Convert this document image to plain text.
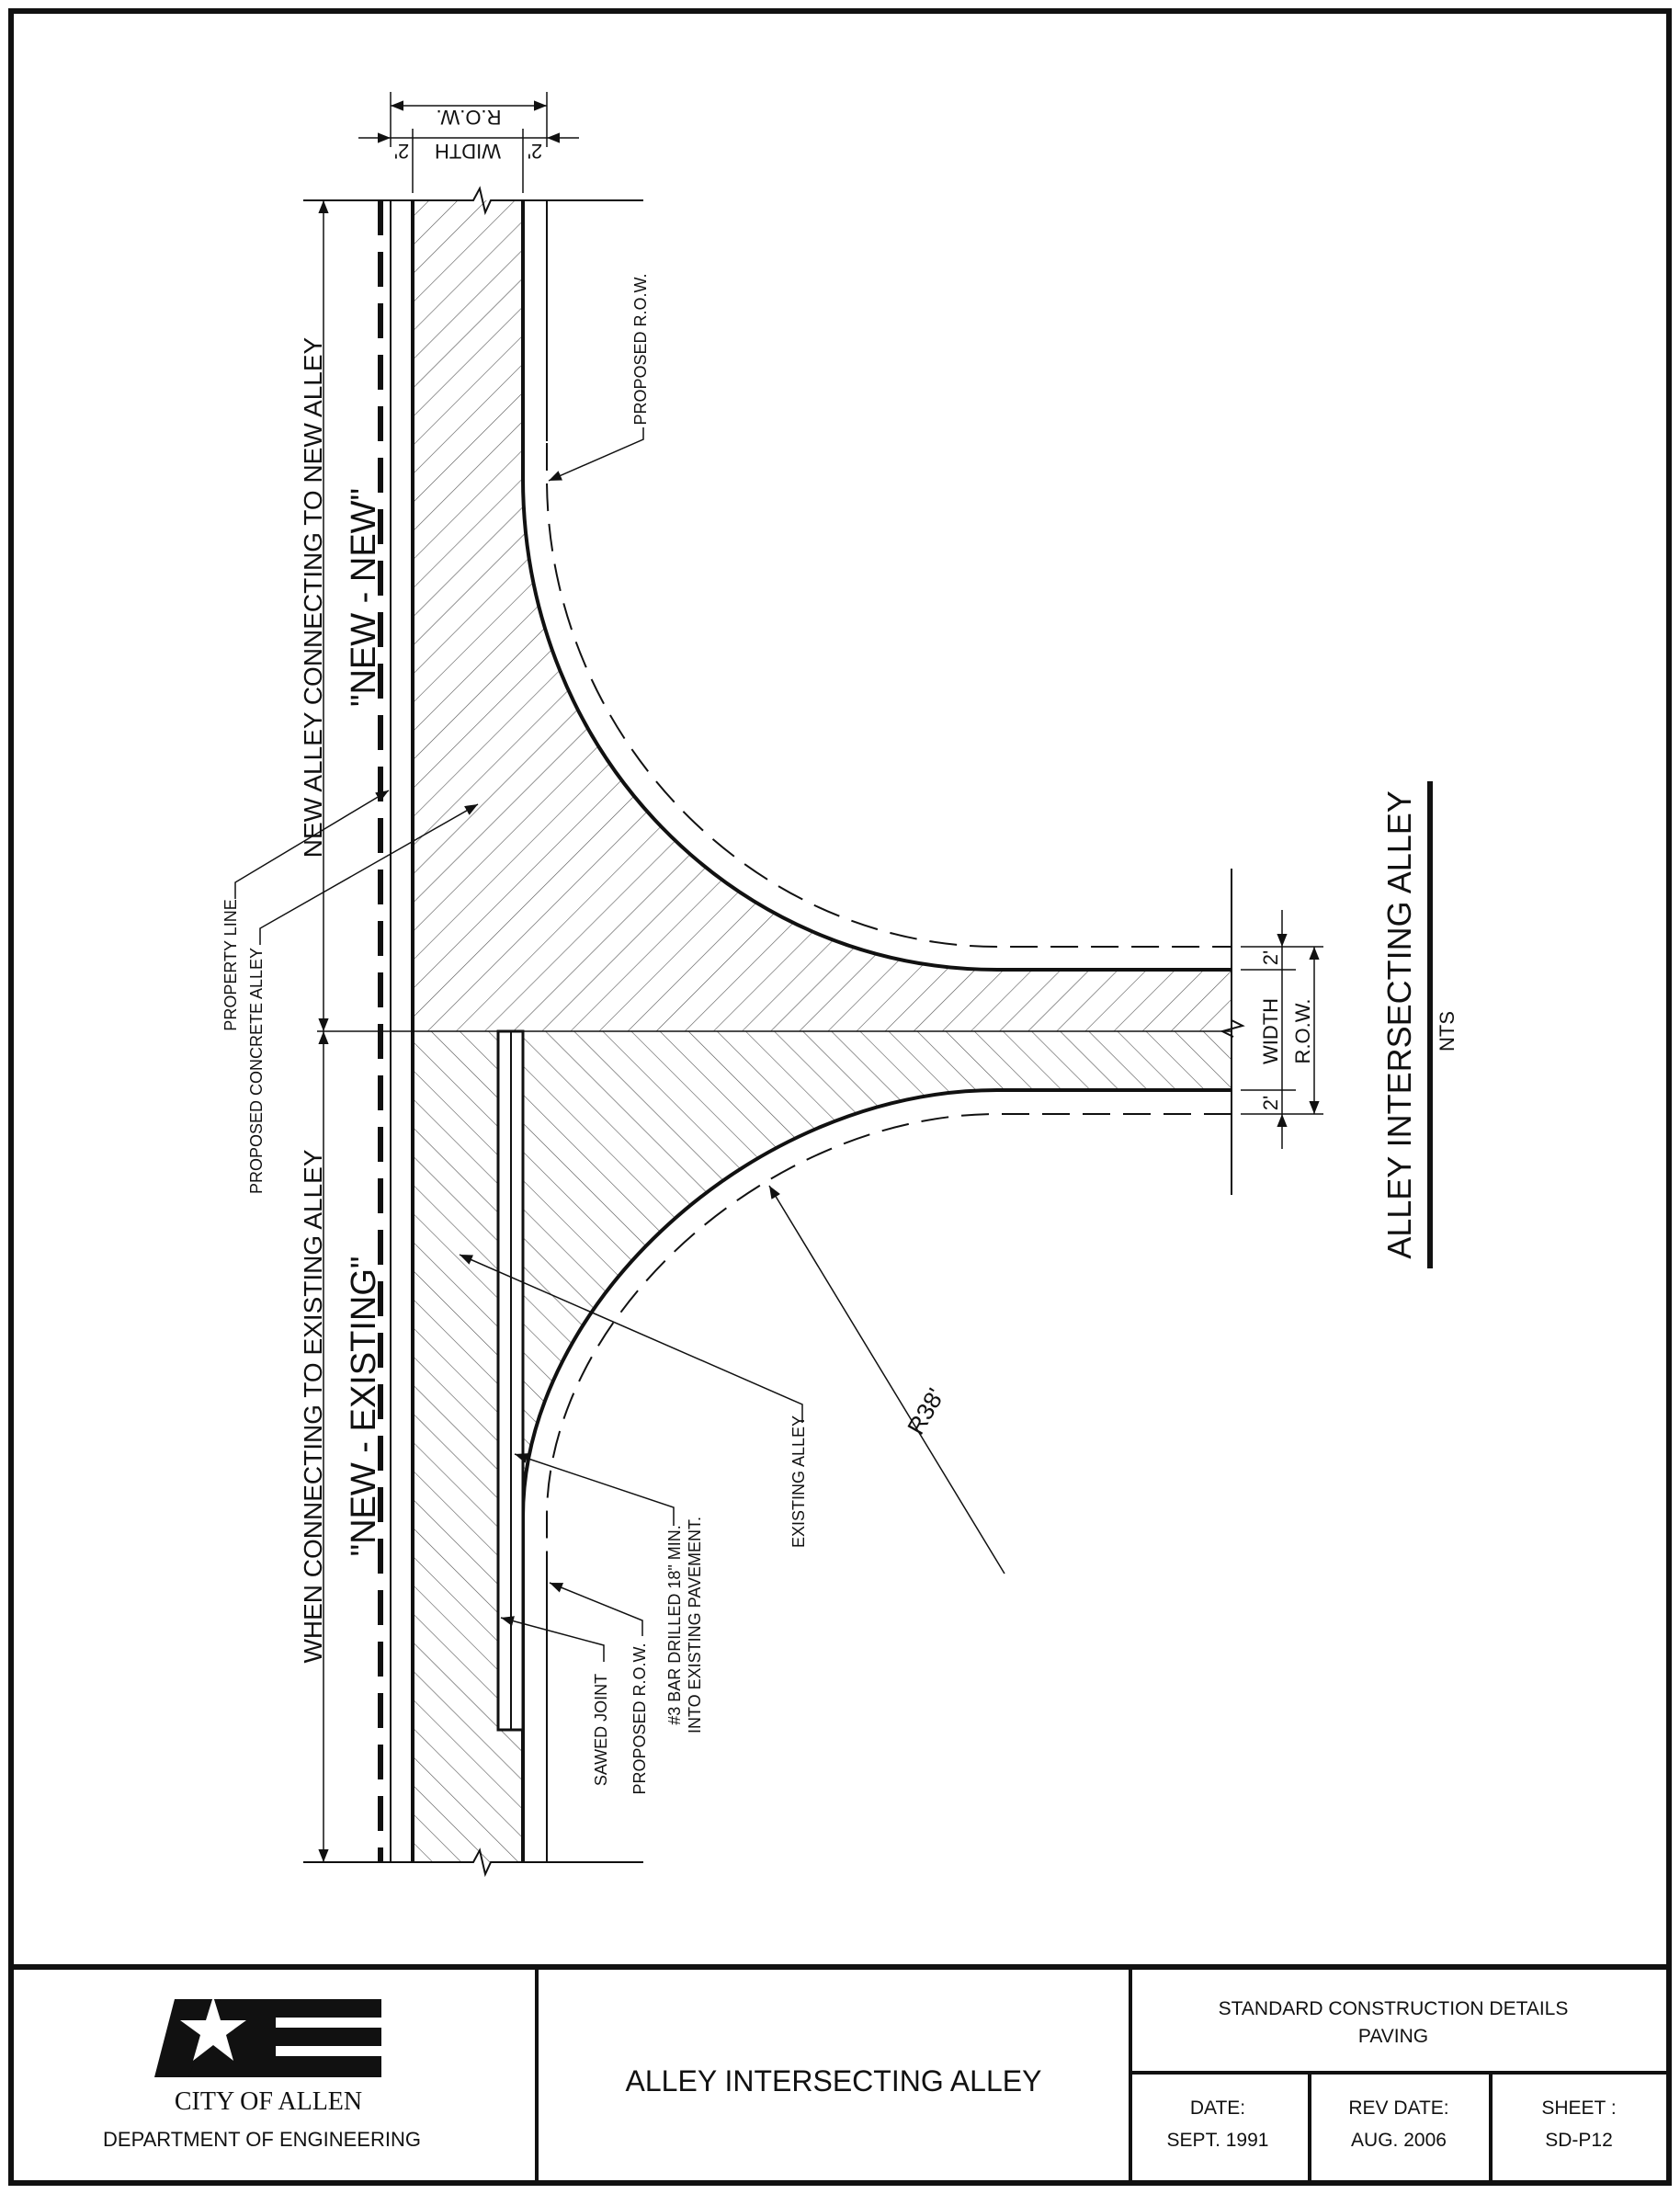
R.O.W.
WIDTH
2'	2'
2'
WIDTH
2'
R.O.W.
NEW ALLEY CONNECTING TO NEW ALLEY "NEW - NEW"
WHEN CONNECTING TO EXISTING ALLEY "NEW - EXISTING"
PROPERTY LINE PROPOSED CONCRETE ALLEY
PROPOSED R.O.W.
EXISTING ALLEY
#3 BAR DRILLED 18" MIN. INTO EXISTING PAVEMENT.
PROPOSED R.O.W.
SAWED JOINT
R38'
ALLEY INTERSECTING ALLEY NTS
CITY OF ALLEN
DEPARTMENT OF ENGINEERING
ALLEY INTERSECTING ALLEY
STANDARD CONSTRUCTION DETAILS
PAVING
DATE:
SEPT. 1991
REV DATE:
AUG. 2006
SHEET :
SD-P12
